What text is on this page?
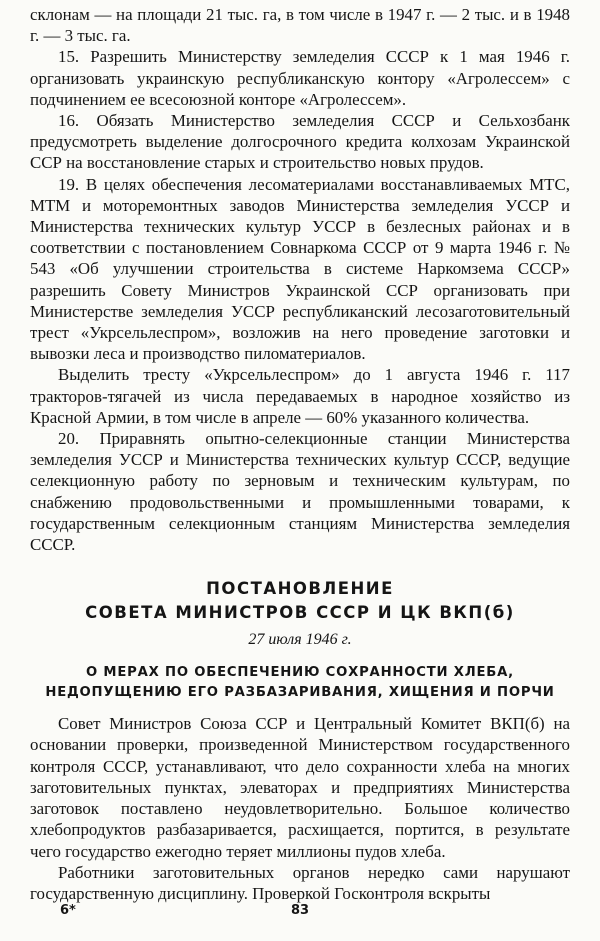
склонам — на площади 21 тыс. га, в том числе в 1947 г. — 2 тыс. и в 1948 г. — 3 тыс. га.

15. Разрешить Министерству земледелия СССР к 1 мая 1946 г. организовать украинскую республиканскую контору «Агролессем» с подчинением ее всесоюзной конторе «Агролессем».

16. Обязать Министерство земледелия СССР и Сельхозбанк предусмотреть выделение долгосрочного кредита колхозам Украинской ССР на восстановление старых и строительство новых прудов.

19. В целях обеспечения лесоматериалами восстанавливаемых МТС, МТМ и моторемонтных заводов Министерства земледелия УССР и Министерства технических культур УССР в безлесных районах и в соответствии с постановлением Совнаркома СССР от 9 марта 1946 г. № 543 «Об улучшении строительства в системе Наркомзема СССР» разрешить Совету Министров Украинской ССР организовать при Министерстве земледелия УССР республиканский лесозаготовительный трест «Укрсельлеспром», возложив на него проведение заготовки и вывозки леса и производство пиломатериалов.

Выделить тресту «Укрсельлеспром» до 1 августа 1946 г. 117 тракторов-тягачей из числа передаваемых в народное хозяйство из Красной Армии, в том числе в апреле — 60% указанного количества.

20. Приравнять опытно-селекционные станции Министерства земледелия УССР и Министерства технических культур СССР, ведущие селекционную работу по зерновым и техническим культурам, по снабжению продовольственными и промышленными товарами, к государственным селекционным станциям Министерства земледелия СССР.

ПОСТАНОВЛЕНИЕ

СОВЕТА МИНИСТРОВ СССР И ЦК ВКП(б)

27 июля 1946 г.

О МЕРАХ ПО ОБЕСПЕЧЕНИЮ СОХРАННОСТИ ХЛЕБА,
НЕДОПУЩЕНИЮ ЕГО РАЗБАЗАРИВАНИЯ, ХИЩЕНИЯ И ПОРЧИ

Совет Министров Союза ССР и Центральный Комитет ВКП(б) на основании проверки, произведенной Министерством государственного контроля СССР, устанавливают, что дело сохранности хлеба на многих заготовительных пунктах, элеваторах и предприятиях Министерства заготовок поставлено неудовлетворительно. Большое количество хлебопродуктов разбазаривается, расхищается, портится, в результате чего государство ежегодно теряет миллионы пудов хлеба.

Работники заготовительных органов нередко сами нарушают государственную дисциплину. Проверкой Госконтроля вскрыты

6*	83
